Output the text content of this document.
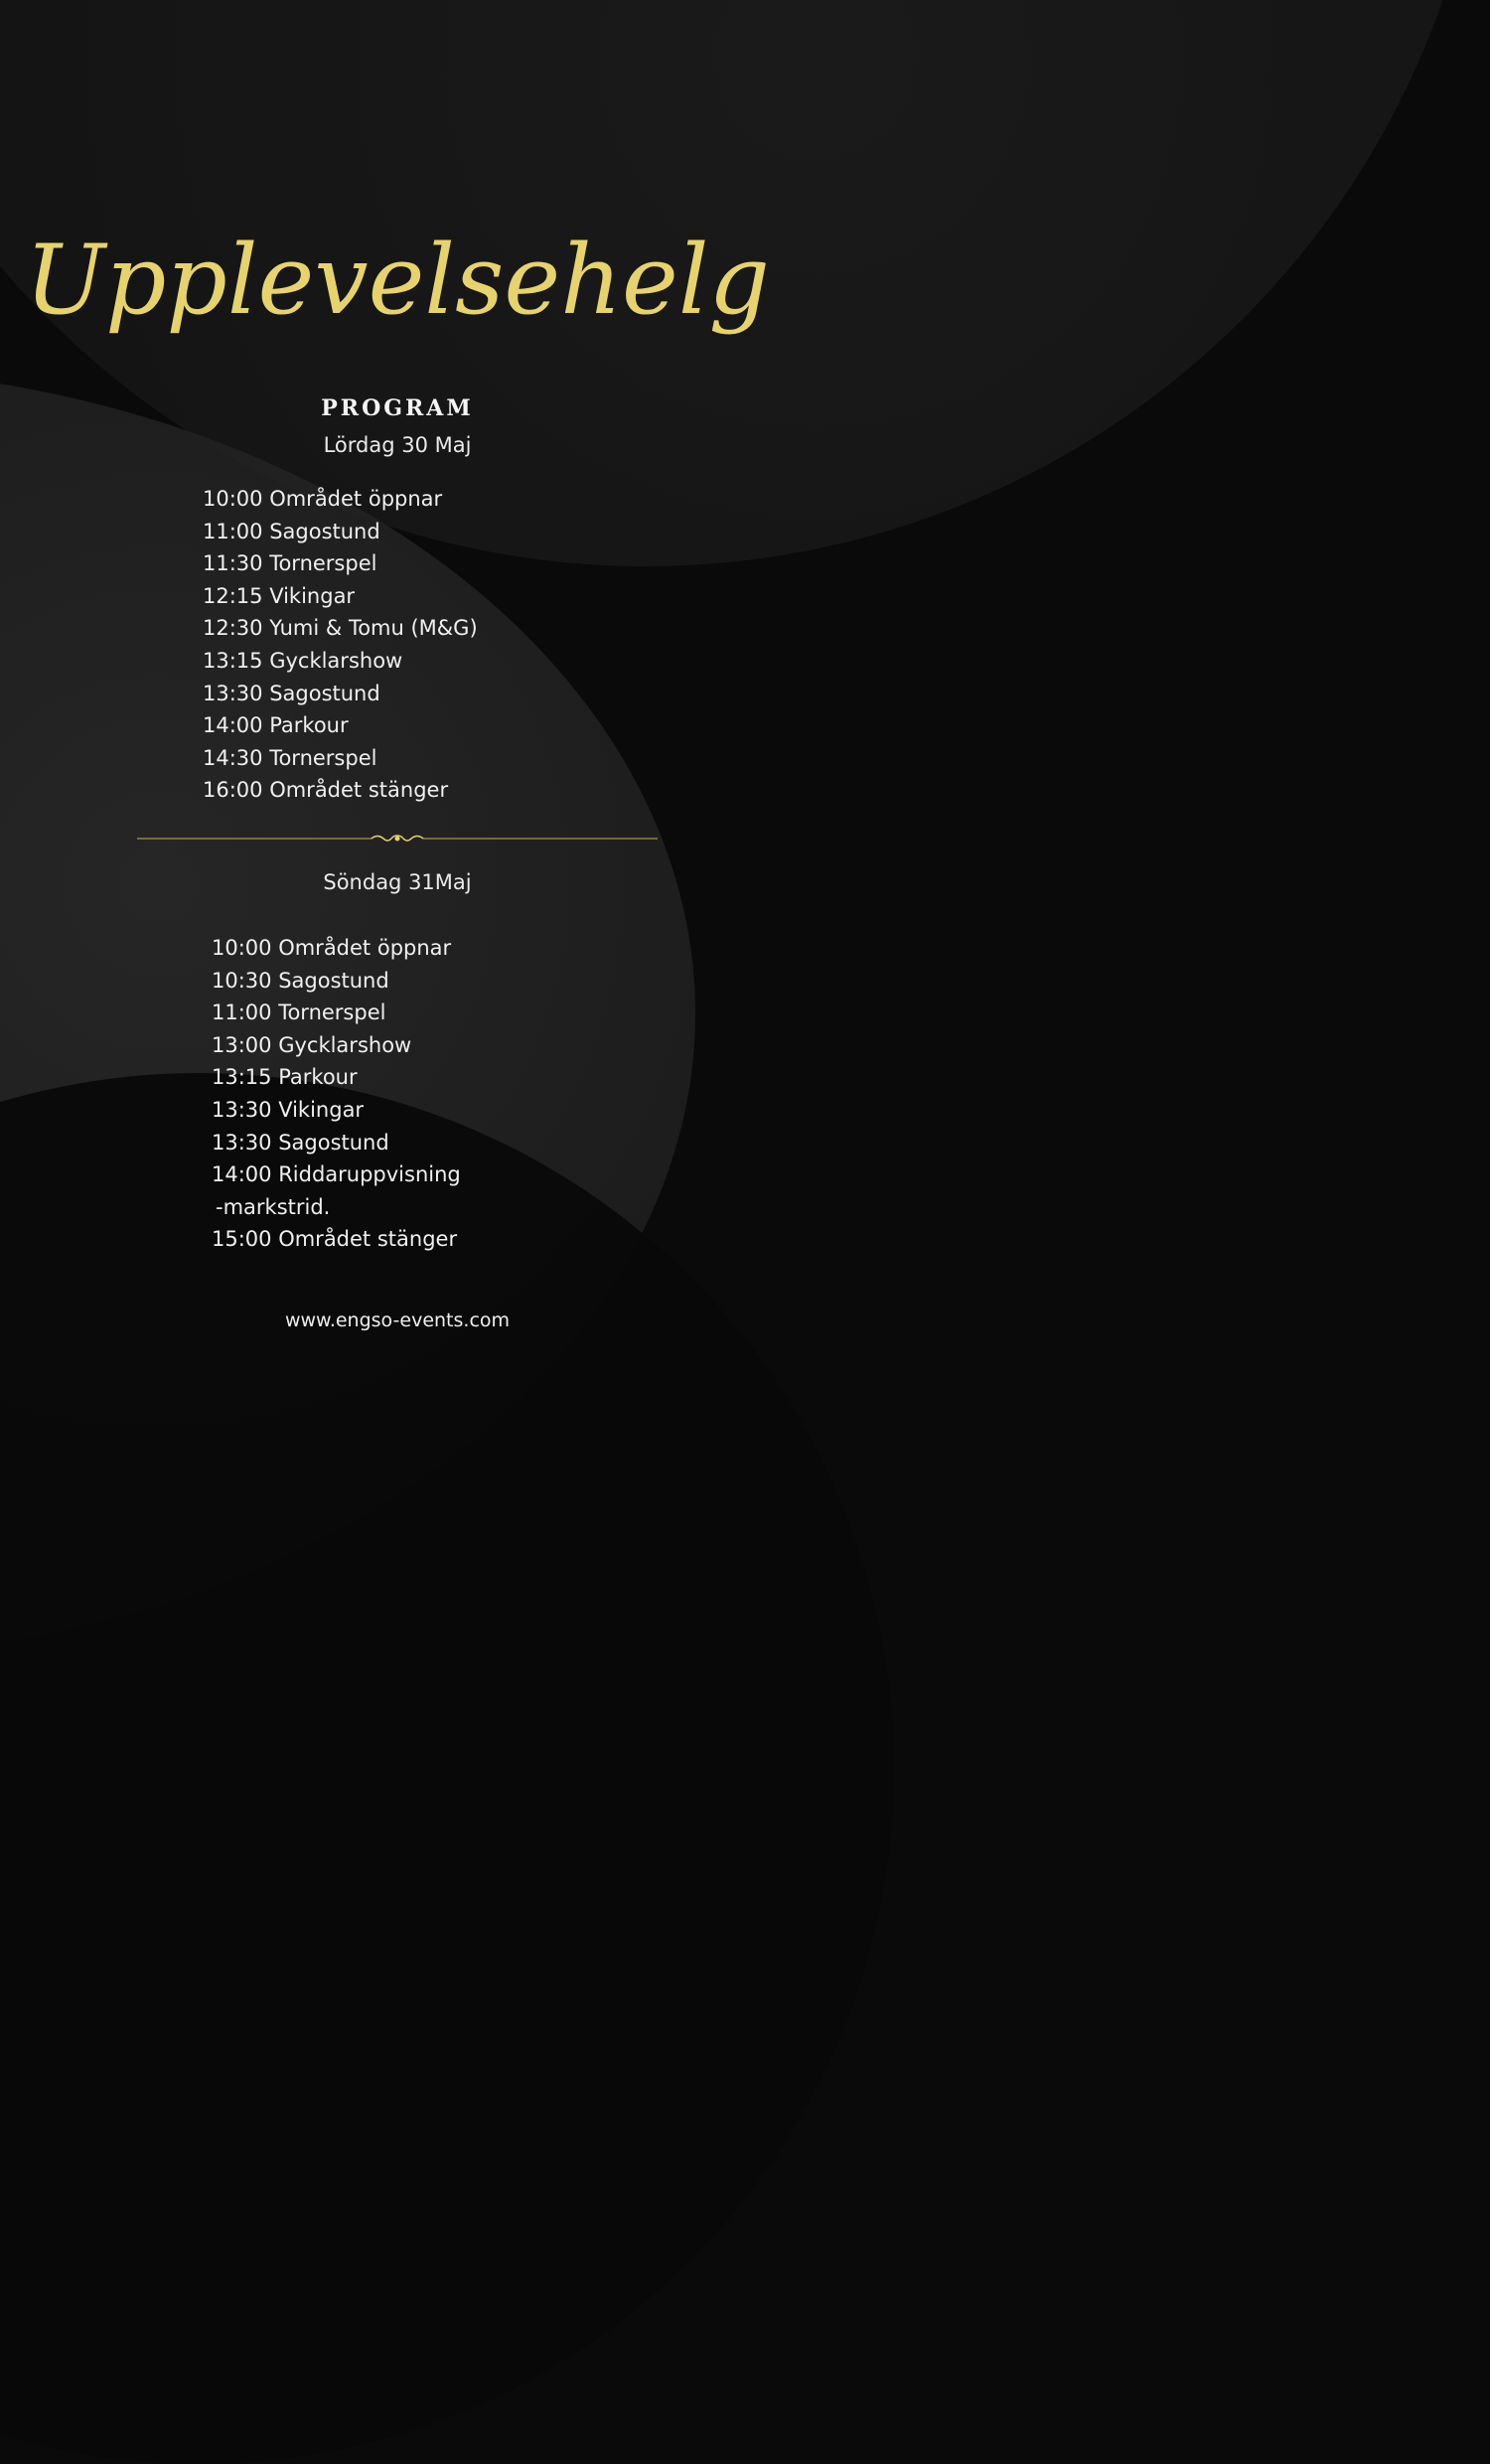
Upplevelsehelg
PROGRAM
Lördag 30 Maj
10:00 Området öppnar
11:00 Sagostund
11:30 Tornerspel
12:15 Vikingar
12:30 Yumi & Tomu (M&G)
13:15 Gycklarshow
13:30 Sagostund
14:00 Parkour
14:30 Tornerspel
16:00 Området stänger
Söndag 31Maj
10:00 Området öppnar
10:30 Sagostund
11:00 Tornerspel
13:00 Gycklarshow
13:15 Parkour
13:30 Vikingar
13:30 Sagostund
14:00 Riddaruppvisning
-markstrid.
15:00 Området stänger
www.engso-events.com
